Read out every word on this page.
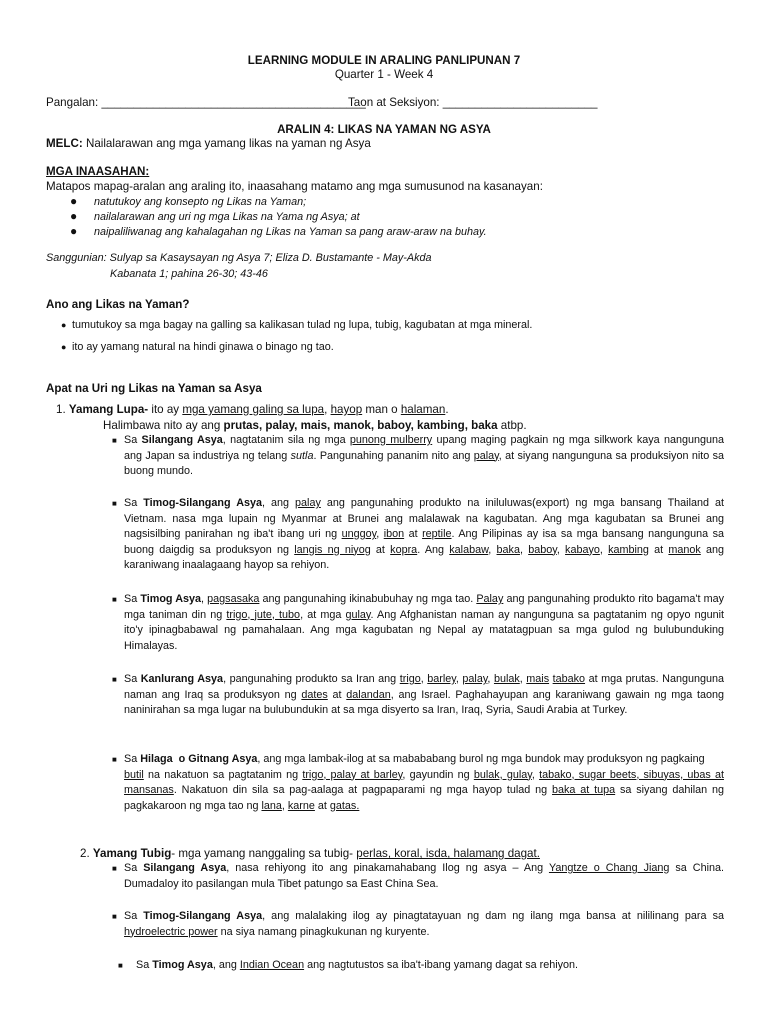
LEARNING MODULE IN ARALING PANLIPUNAN 7
Quarter 1 - Week 4
Pangalan: _________________________________________
Taon at Seksiyon: ________________________
ARALIN 4: LIKAS NA YAMAN NG ASYA
MELC: Nailalarawan ang mga yamang likas na yaman ng Asya
MGA INAASAHAN:
Matapos mapag-aralan ang araling ito, inaasahang matamo ang mga sumusunod na kasanayan:
● natutukoy ang konsepto ng Likas na Yaman;
● nailalarawan ang uri ng mga Likas na Yama ng Asya; at
● naipaliliwanag ang kahalagahan ng Likas na Yaman sa pang araw-araw na buhay.
Sanggunian: Sulyap sa Kasaysayan ng Asya 7; Eliza D. Bustamante - May-Akda
Kabanata 1; pahina 26-30; 43-46
Ano ang Likas na Yaman?
● tumutukoy sa mga bagay na galling sa kalikasan tulad ng lupa, tubig, kagubatan at mga mineral.
● ito ay yamang natural na hindi ginawa o binago ng tao.
Apat na Uri ng Likas na Yaman sa Asya
1. Yamang Lupa- ito ay mga yamang galing sa lupa, hayop man o halaman.
Halimbawa nito ay ang prutas, palay, mais, manok, baboy, kambing, baka atbp.
■ Sa Silangang Asya, nagtatanim sila ng mga punong mulberry upang maging pagkain ng mga silkwork kaya nangunguna ang Japan sa industriya ng telang sutla. Pangunahing pananim nito ang palay, at siyang nangunguna sa produksiyon nito sa buong mundo.
■ Sa Timog-Silangang Asya, ang palay ang pangunahing produkto na iniluluwas(export) ng mga bansang Thailand at Vietnam. nasa mga lupain ng Myanmar at Brunei ang malalawak na kagubatan. Ang mga kagubatan sa Brunei ang nagsisilbing panirahan ng iba't ibang uri ng unggoy, ibon at reptile. Ang Pilipinas ay isa sa mga bansang nangunguna sa buong daigdig sa produksyon ng langis ng niyog at kopra. Ang kalabaw, baka, baboy, kabayo, kambing at manok ang karaniwang inaalagaang hayop sa rehiyon.
■ Sa Timog Asya, pagsasaka ang pangunahing ikinabubuhay ng mga tao. Palay ang pangunahing produkto rito bagama't may mga taniman din ng trigo, jute, tubo, at mga gulay. Ang Afghanistan naman ay nangunguna sa pagtatanim ng opyo ngunit ito'y ipinagbabawal ng pamahalaan. Ang mga kagubatan ng Nepal ay matatagpuan sa mga gulod ng bulubunduking Himalayas.
■ Sa Kanlurang Asya, pangunahing produkto sa Iran ang trigo, barley, palay, bulak, mais tabako at mga prutas. Nangunguna naman ang Iraq sa produksyon ng dates at dalandan, ang Israel. Paghahayupan ang karaniwang gawain ng mga taong naninirahan sa mga lugar na bulubundukin at sa mga disyerto sa Iran, Iraq, Syria, Saudi Arabia at Turkey.
■ Sa Hilaga  o Gitnang Asya, ang mga lambak-ilog at sa mabababang burol ng mga bundok may produksyon ng pagkaing
butil na nakatuon sa pagtatanim ng trigo, palay at barley, gayundin ng bulak, gulay, tabako, sugar beets, sibuyas, ubas at mansanas. Nakatuon din sila sa pag-aalaga at pagpaparami ng mga hayop tulad ng baka at tupa sa siyang dahilan ng pagkakaroon ng mga tao ng lana, karne at gatas.
2. Yamang Tubig- mga yamang nanggaling sa tubig- perlas, koral, isda, halamang dagat.
■ Sa Silangang Asya, nasa rehiyong ito ang pinakamahabang Ilog ng asya – Ang Yangtze o Chang Jiang sa China. Dumadaloy ito pasilangan mula Tibet patungo sa East China Sea.
■ Sa Timog-Silangang Asya, ang malalaking ilog ay pinagtatayuan ng dam ng ilang mga bansa at nililinang para sa hydroelectric power na siya namang pinagkukunan ng kuryente.
■ Sa Timog Asya, ang Indian Ocean ang nagtutustos sa iba't-ibang yamang dagat sa rehiyon.
